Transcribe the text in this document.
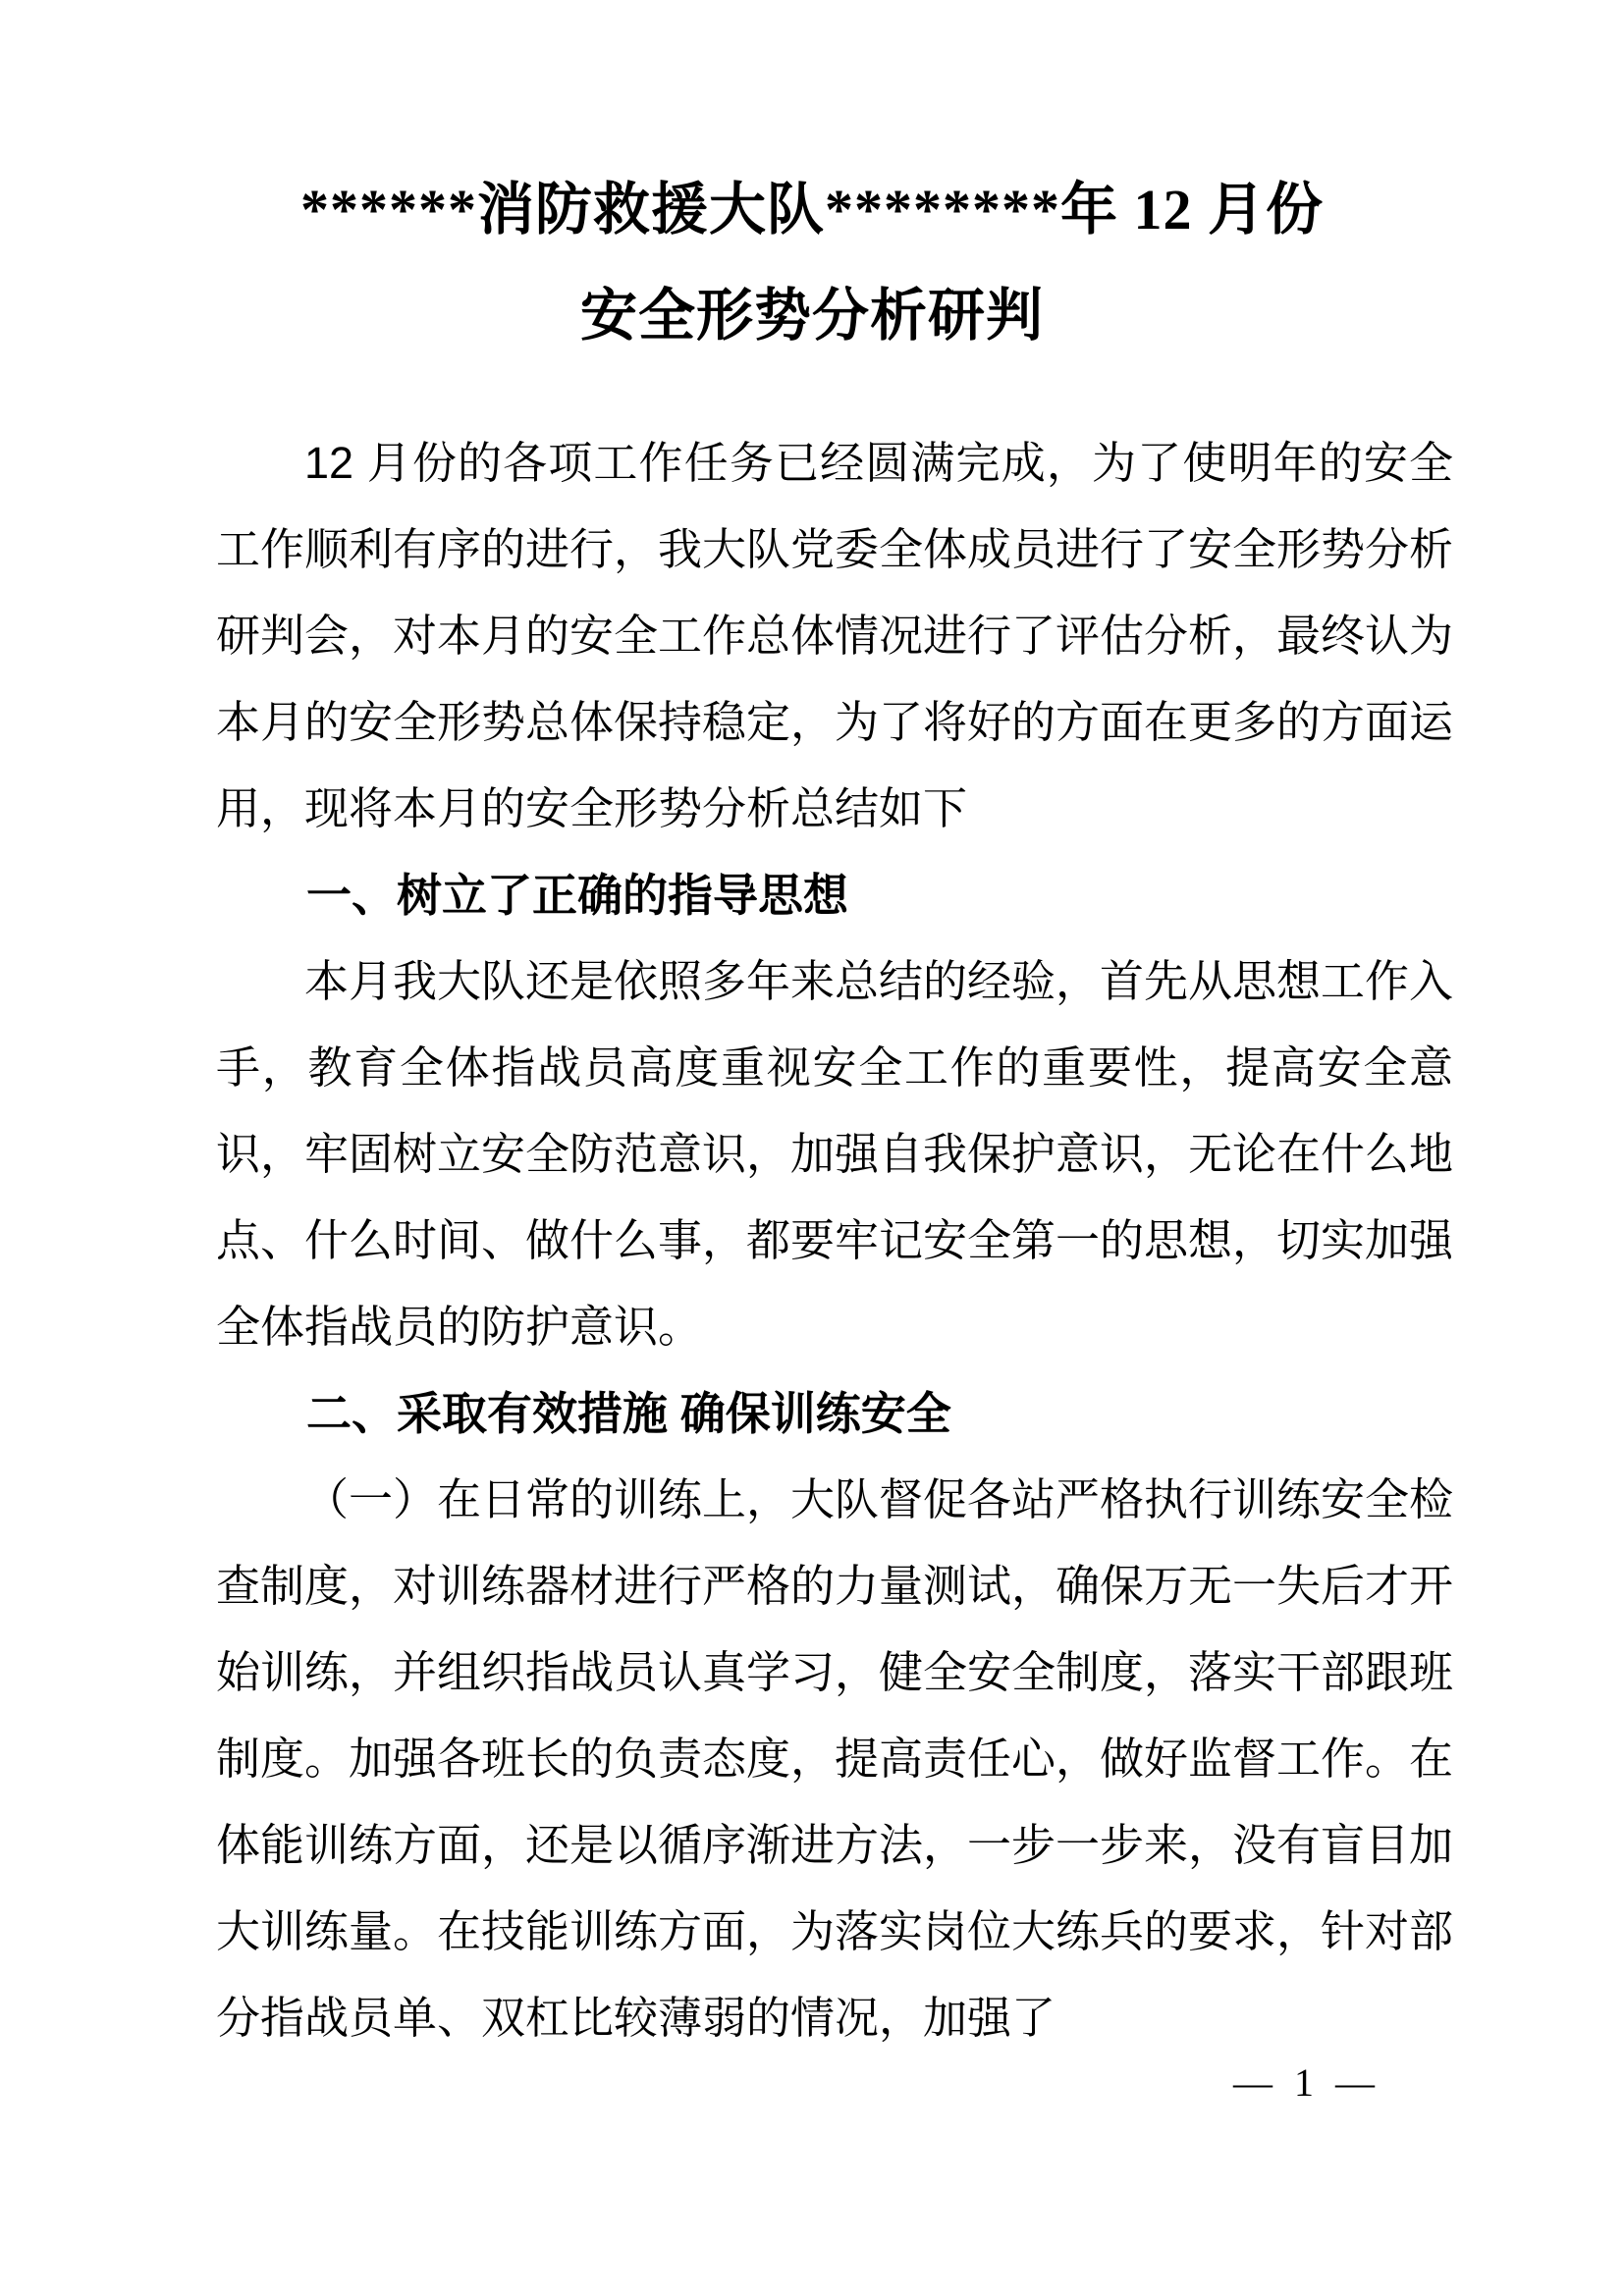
******消防救援大队********年 12 月份
安全形势分析研判

12 月份的各项工作任务已经圆满完成，为了使明年的安全工作顺利有序的进行，我大队党委全体成员进行了安全形势分析研判会，对本月的安全工作总体情况进行了评估分析，最终认为本月的安全形势总体保持稳定，为了将好的方面在更多的方面运用，现将本月的安全形势分析总结如下

一、树立了正确的指导思想

本月我大队还是依照多年来总结的经验，首先从思想工作入手，教育全体指战员高度重视安全工作的重要性，提高安全意识，牢固树立安全防范意识，加强自我保护意识，无论在什么地点、什么时间、做什么事，都要牢记安全第一的思想，切实加强全体指战员的防护意识。

二、采取有效措施 确保训练安全

（一）在日常的训练上，大队督促各站严格执行训练安全检查制度，对训练器材进行严格的力量测试，确保万无一失后才开始训练，并组织指战员认真学习，健全安全制度，落实干部跟班制度。加强各班长的负责态度，提高责任心，做好监督工作。在体能训练方面，还是以循序渐进方法，一步一步来，没有盲目加大训练量。在技能训练方面，为落实岗位大练兵的要求，针对部分指战员单、双杠比较薄弱的情况，加强了

— 1 —
